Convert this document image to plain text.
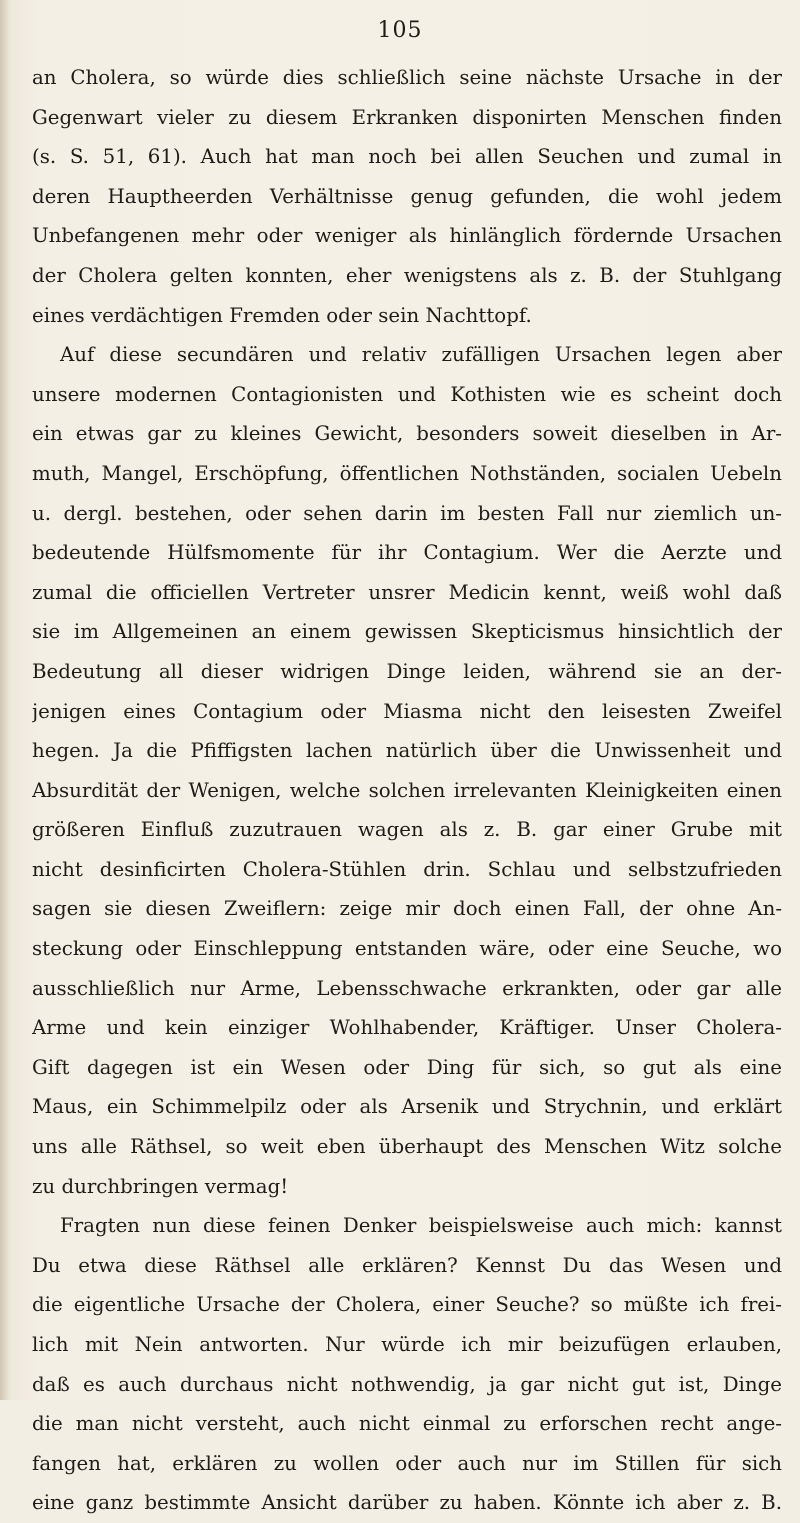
105
an Cholera, so würde dies schließlich seine nächste Ursache in der
Gegenwart vieler zu diesem Erkranken disponirten Menschen finden
(s. S. 51, 61). Auch hat man noch bei allen Seuchen und zumal in
deren Hauptheerden Verhältnisse genug gefunden, die wohl jedem
Unbefangenen mehr oder weniger als hinlänglich förderndе Ursachen
der Cholera gelten konnten, eher wenigstens als z. B. der Stuhlgang
eines verdächtigen Fremden oder sein Nachttopf.
Auf diese secundären und relativ zufälligen Ursachen legen aber
unsere modernen Contagionisten und Kothisten wie es scheint doch
ein etwas gar zu kleines Gewicht, besonders soweit dieselben in Ar-
muth, Mangel, Erschöpfung, öffentlichen Nothständen, socialen Uebeln
u. dergl. bestehen, oder sehen darin im besten Fall nur ziemlich un-
bedeutende Hülfsmomente für ihr Contagium. Wer die Aerzte und
zumal die officiellen Vertreter unsrer Medicin kennt, weiß wohl daß
sie im Allgemeinen an einem gewissen Skepticismus hinsichtlich der
Bedeutung all dieser widrigen Dinge leiden, während sie an der-
jenigen eines Contagium oder Miasma nicht den leisesten Zweifel
hegen. Ja die Pfiffigsten lachen natürlich über die Unwissenheit und
Absurdität der Wenigen, welche solchen irrelevanten Kleinigkeiten einen
größeren Einfluß zuzutrauen wagen als z. B. gar einer Grube mit
nicht desinficirten Cholera-Stühlen drin. Schlau und selbstzufrieden
sagen sie diesen Zweiflern: zeige mir doch einen Fall, der ohne An-
steckung oder Einschleppung entstanden wäre, oder eine Seuche, wo
ausschließlich nur Arme, Lebensschwache erkrankten, oder gar alle
Arme und kein einziger Wohlhabender, Kräftiger. Unser Cholera-
Gift dagegen ist ein Wesen oder Ding für sich, so gut als eine
Maus, ein Schimmelpilz oder als Arsenik und Strychnin, und erklärt
uns alle Räthsel, so weit eben überhaupt des Menschen Witz solche
zu durchbringen vermag!
Fragten nun diese feinen Denker beispielsweise auch mich: kannst
Du etwa diese Räthsel alle erklären? Kennst Du das Wesen und
die eigentliche Ursache der Cholera, einer Seuche? so müßte ich frei-
lich mit Nein antworten. Nur würde ich mir beizufügen erlauben,
daß es auch durchaus nicht nothwendig, ja gar nicht gut ist, Dinge
die man nicht versteht, auch nicht einmal zu erforschen recht ange-
fangen hat, erklären zu wollen oder auch nur im Stillen für sich
eine ganz bestimmte Ansicht darüber zu haben. Könnte ich aber z. B.
